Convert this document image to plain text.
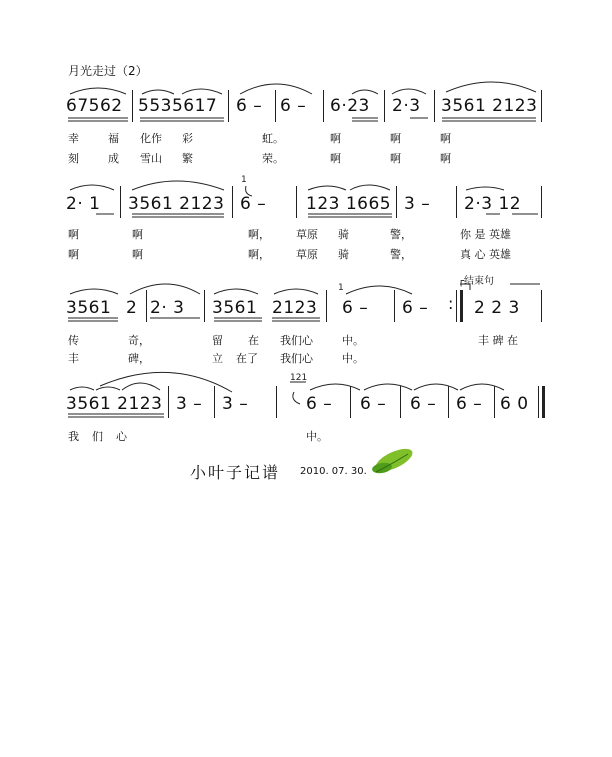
月光走过（2）
67562 5535617 6 – 6 – 6·23 2·3 3561 2123
幸	福 化作 彩	虹。	啊	啊	啊
刻	成 雪山 繁	荣。	啊	啊	啊
2· 1 3561 2123 6 – 123 1665 3 – 2·3 12
啊	啊	啊， 草原 骑	警，	你 是 英雄
啊	啊	啊， 草原 骑	警，	真 心 英雄
3561 2 2· 3 3561 2123 6 – 6 –	2 2 3
传	奇，	留 在 我们心	中。	丰 碑 在
丰	碑，	立 在了 我们心	中。
:
┌结束句
3561 2123 3 – 3 –	6 – 6 – 6 – 6 – 6 0
我 们 心	中。
1
1
121
小叶子记谱 2010. 07. 30.
